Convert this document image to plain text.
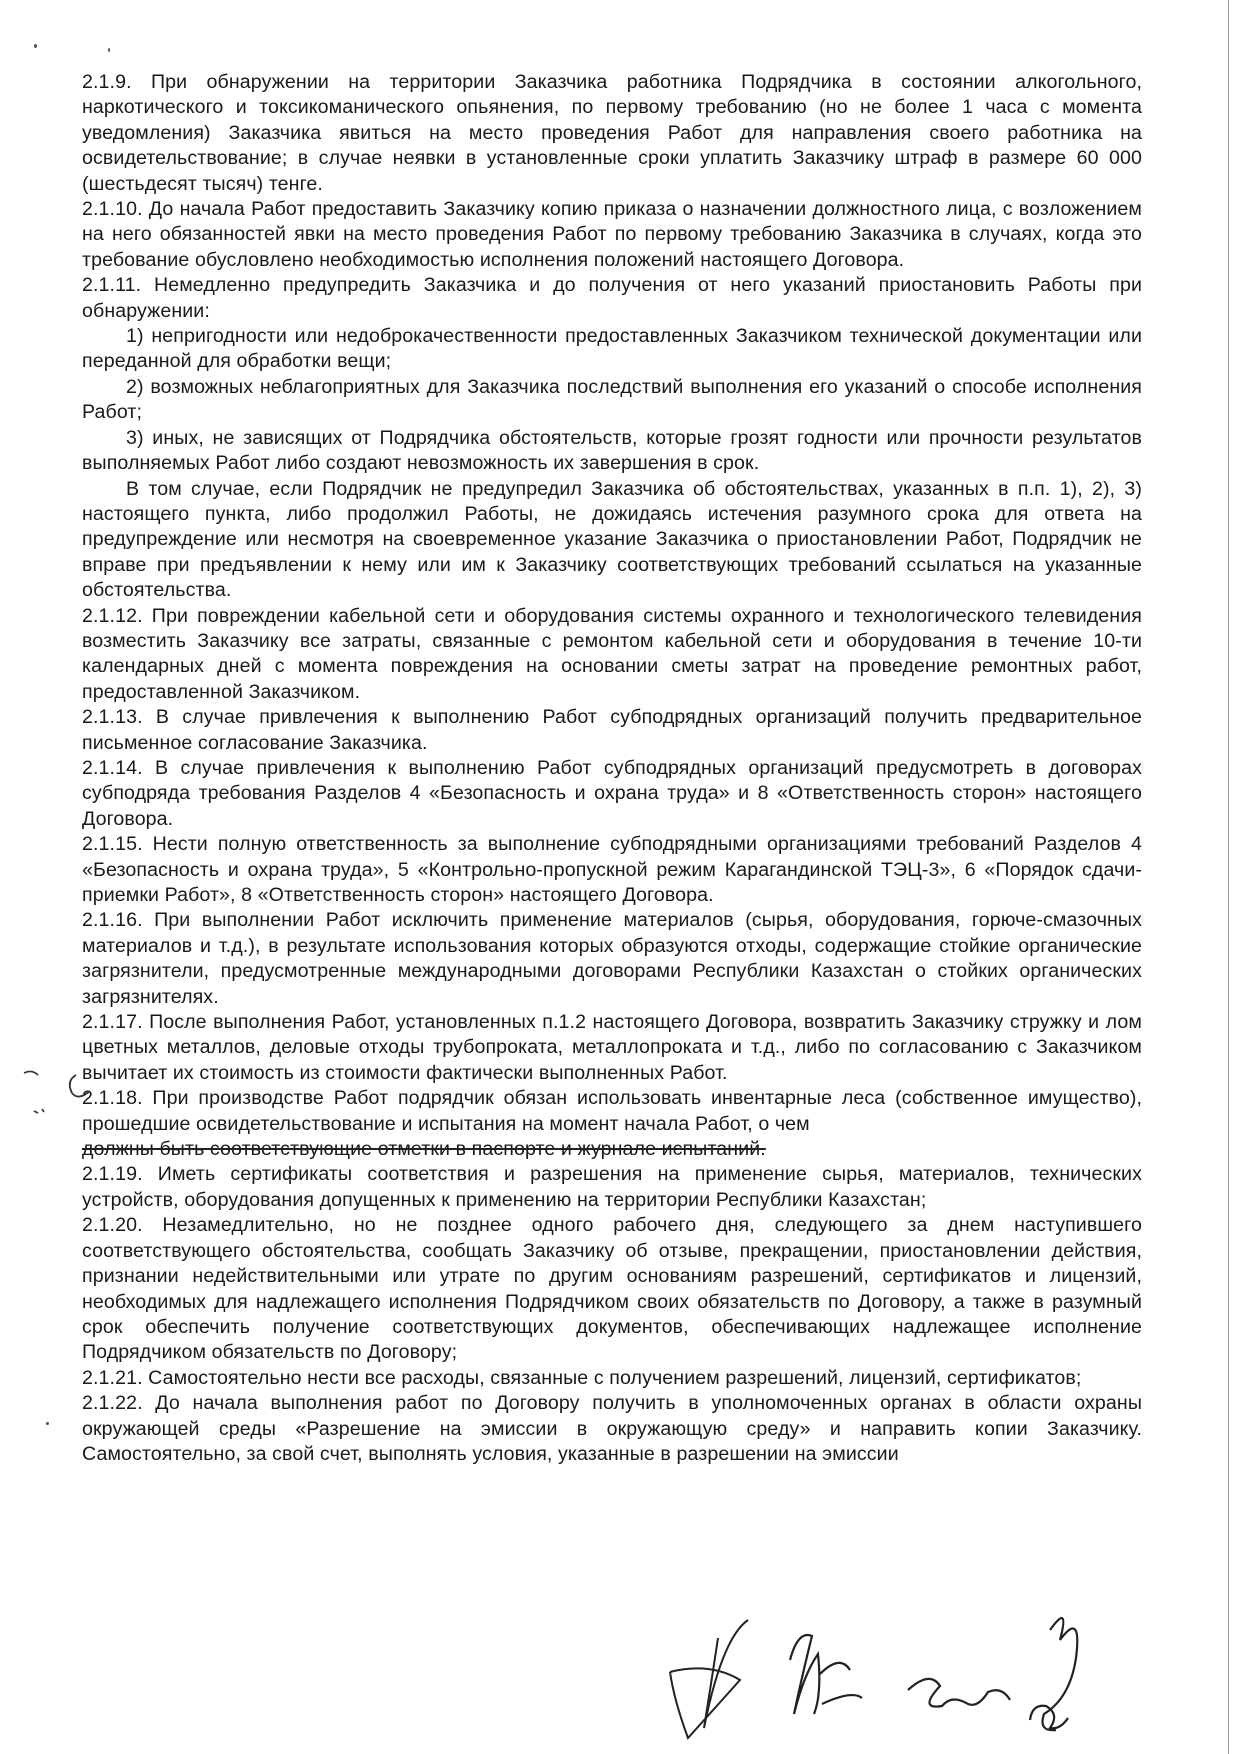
2.1.9. При обнаружении на территории Заказчика работника Подрядчика в состоянии алкогольного, наркотического и токсикоманического опьянения, по первому требованию (но не более 1 часа с момента уведомления) Заказчика явиться на место проведения Работ для направления своего работника на освидетельствование; в случае неявки в установленные сроки уплатить Заказчику штраф в размере 60 000 (шестьдесят тысяч) тенге.

2.1.10. До начала Работ предоставить Заказчику копию приказа о назначении должностного лица, с возложением на него обязанностей явки на место проведения Работ по первому требованию Заказчика в случаях, когда это требование обусловлено необходимостью исполнения положений настоящего Договора.

2.1.11. Немедленно предупредить Заказчика и до получения от него указаний приостановить Работы при обнаружении:

1) непригодности или недоброкачественности предоставленных Заказчиком технической документации или переданной для обработки вещи;

2) возможных неблагоприятных для Заказчика последствий выполнения его указаний о способе исполнения Работ;

3) иных, не зависящих от Подрядчика обстоятельств, которые грозят годности или прочности результатов выполняемых Работ либо создают невозможность их завершения в срок.

В том случае, если Подрядчик не предупредил Заказчика об обстоятельствах, указанных в п.п. 1), 2), 3) настоящего пункта, либо продолжил Работы, не дожидаясь истечения разумного срока для ответа на предупреждение или несмотря на своевременное указание Заказчика о приостановлении Работ, Подрядчик не вправе при предъявлении к нему или им к Заказчику соответствующих требований ссылаться на указанные обстоятельства.

2.1.12. При повреждении кабельной сети и оборудования системы охранного и технологического телевидения возместить Заказчику все затраты, связанные с ремонтом кабельной сети и оборудования в течение 10-ти календарных дней с момента повреждения на основании сметы затрат на проведение ремонтных работ, предоставленной Заказчиком.

2.1.13. В случае привлечения к выполнению Работ субподрядных организаций получить предварительное письменное согласование Заказчика.

2.1.14. В случае привлечения к выполнению Работ субподрядных организаций предусмотреть в договорах субподряда требования Разделов 4 «Безопасность и охрана труда» и 8 «Ответственность сторон» настоящего Договора.

2.1.15. Нести полную ответственность за выполнение субподрядными организациями требований Разделов 4 «Безопасность и охрана труда», 5 «Контрольно-пропускной режим Карагандинской ТЭЦ-3», 6 «Порядок сдачи-приемки Работ», 8 «Ответственность сторон» настоящего Договора.

2.1.16. При выполнении Работ исключить применение материалов (сырья, оборудования, горюче-смазочных материалов и т.д.), в результате использования которых образуются отходы, содержащие стойкие органические загрязнители, предусмотренные международными договорами Республики Казахстан о стойких органических загрязнителях.

2.1.17. После выполнения Работ, установленных п.1.2 настоящего Договора, возвратить Заказчику стружку и лом цветных металлов, деловые отходы трубопроката, металлопроката и т.д., либо по согласованию с Заказчиком вычитает их стоимость из стоимости фактически выполненных Работ.

2.1.18. При производстве Работ подрядчик обязан использовать инвентарные леса (собственное имущество), прошедшие освидетельствование и испытания на момент начала Работ, о чем

должны быть соответствующие отметки в паспорте и журнале испытаний.

2.1.19. Иметь сертификаты соответствия и разрешения на применение сырья, материалов, технических устройств, оборудования допущенных к применению на территории Республики Казахстан;

2.1.20. Незамедлительно, но не позднее одного рабочего дня, следующего за днем наступившего соответствующего обстоятельства, сообщать Заказчику об отзыве, прекращении, приостановлении действия, признании недействительными или утрате по другим основаниям разрешений, сертификатов и лицензий, необходимых для надлежащего исполнения Подрядчиком своих обязательств по Договору, а также в разумный срок обеспечить получение соответствующих документов, обеспечивающих надлежащее исполнение Подрядчиком обязательств по Договору;

2.1.21. Самостоятельно нести все расходы, связанные с получением разрешений, лицензий, сертификатов;

2.1.22. До начала выполнения работ по Договору получить в уполномоченных органах в области охраны окружающей среды «Разрешение на эмиссии в окружающую среду» и направить копии Заказчику. Самостоятельно, за свой счет, выполнять условия, указанные в разрешении на эмиссии
